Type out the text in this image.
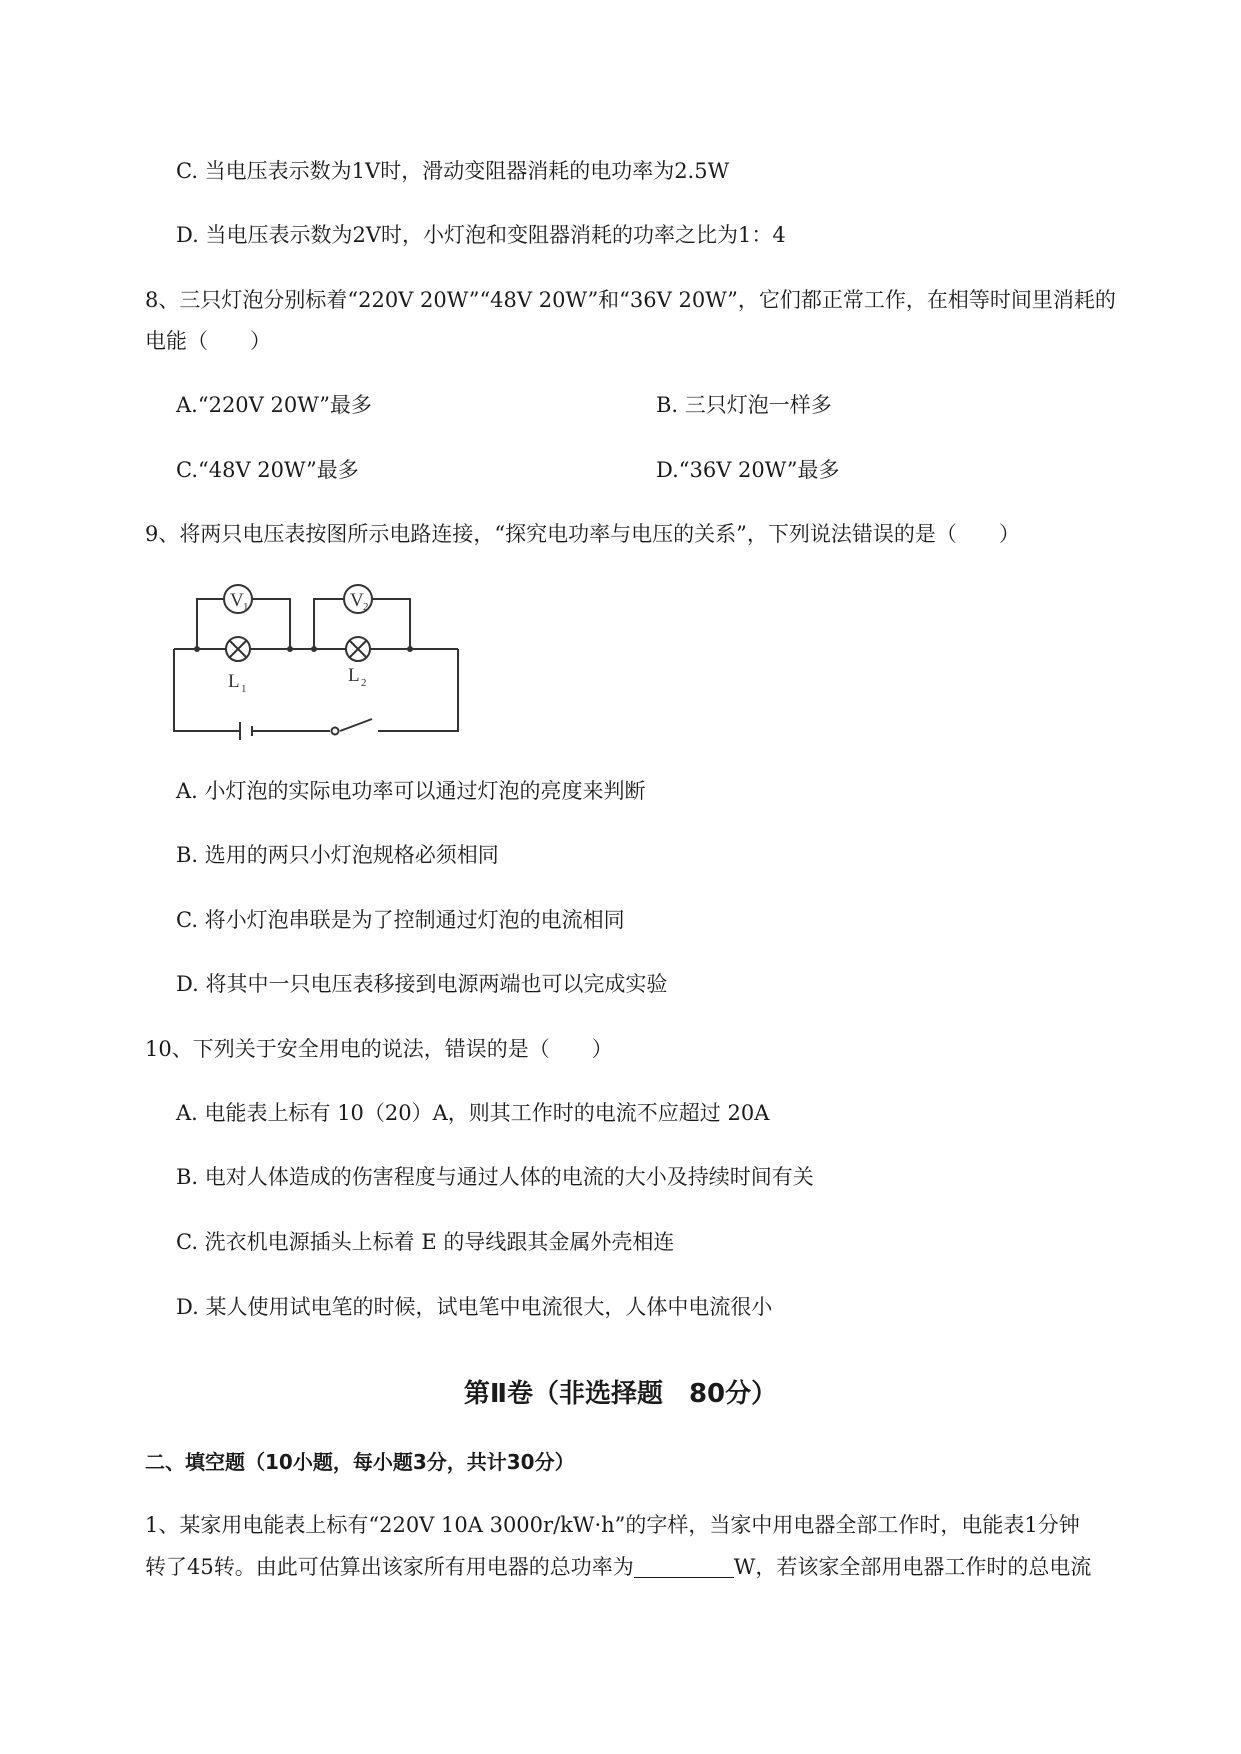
C. 当电压表示数为1V时，滑动变阻器消耗的电功率为2.5W
D. 当电压表示数为2V时，小灯泡和变阻器消耗的功率之比为1：4
8、三只灯泡分别标着“220V 20W”“48V 20W”和“36V 20W”，它们都正常工作，在相等时间里消耗的
电能（　　）
A.“220V 20W”最多	B. 三只灯泡一样多
C.“48V 20W”最多	D.“36V 20W”最多
9、将两只电压表按图所示电路连接，“探究电功率与电压的关系”，下列说法错误的是（　　）
V 1	V 2
L 1
L 2
A. 小灯泡的实际电功率可以通过灯泡的亮度来判断
B. 选用的两只小灯泡规格必须相同
C. 将小灯泡串联是为了控制通过灯泡的电流相同
D. 将其中一只电压表移接到电源两端也可以完成实验
10、下列关于安全用电的说法，错误的是（　　）
A. 电能表上标有 10（20）A，则其工作时的电流不应超过 20A
B. 电对人体造成的伤害程度与通过人体的电流的大小及持续时间有关
C. 洗衣机电源插头上标着 E 的导线跟其金属外壳相连
D. 某人使用试电笔的时候，试电笔中电流很大，人体中电流很小
第Ⅱ卷（非选择题　80分）
二、填空题（10小题，每小题3分，共计30分）
1、某家用电能表上标有“220V 10A 3000r/kW·h”的字样，当家中用电器全部工作时，电能表1分钟
转了45转。由此可估算出该家所有用电器的总功率为	W，若该家全部用电器工作时的总电流
